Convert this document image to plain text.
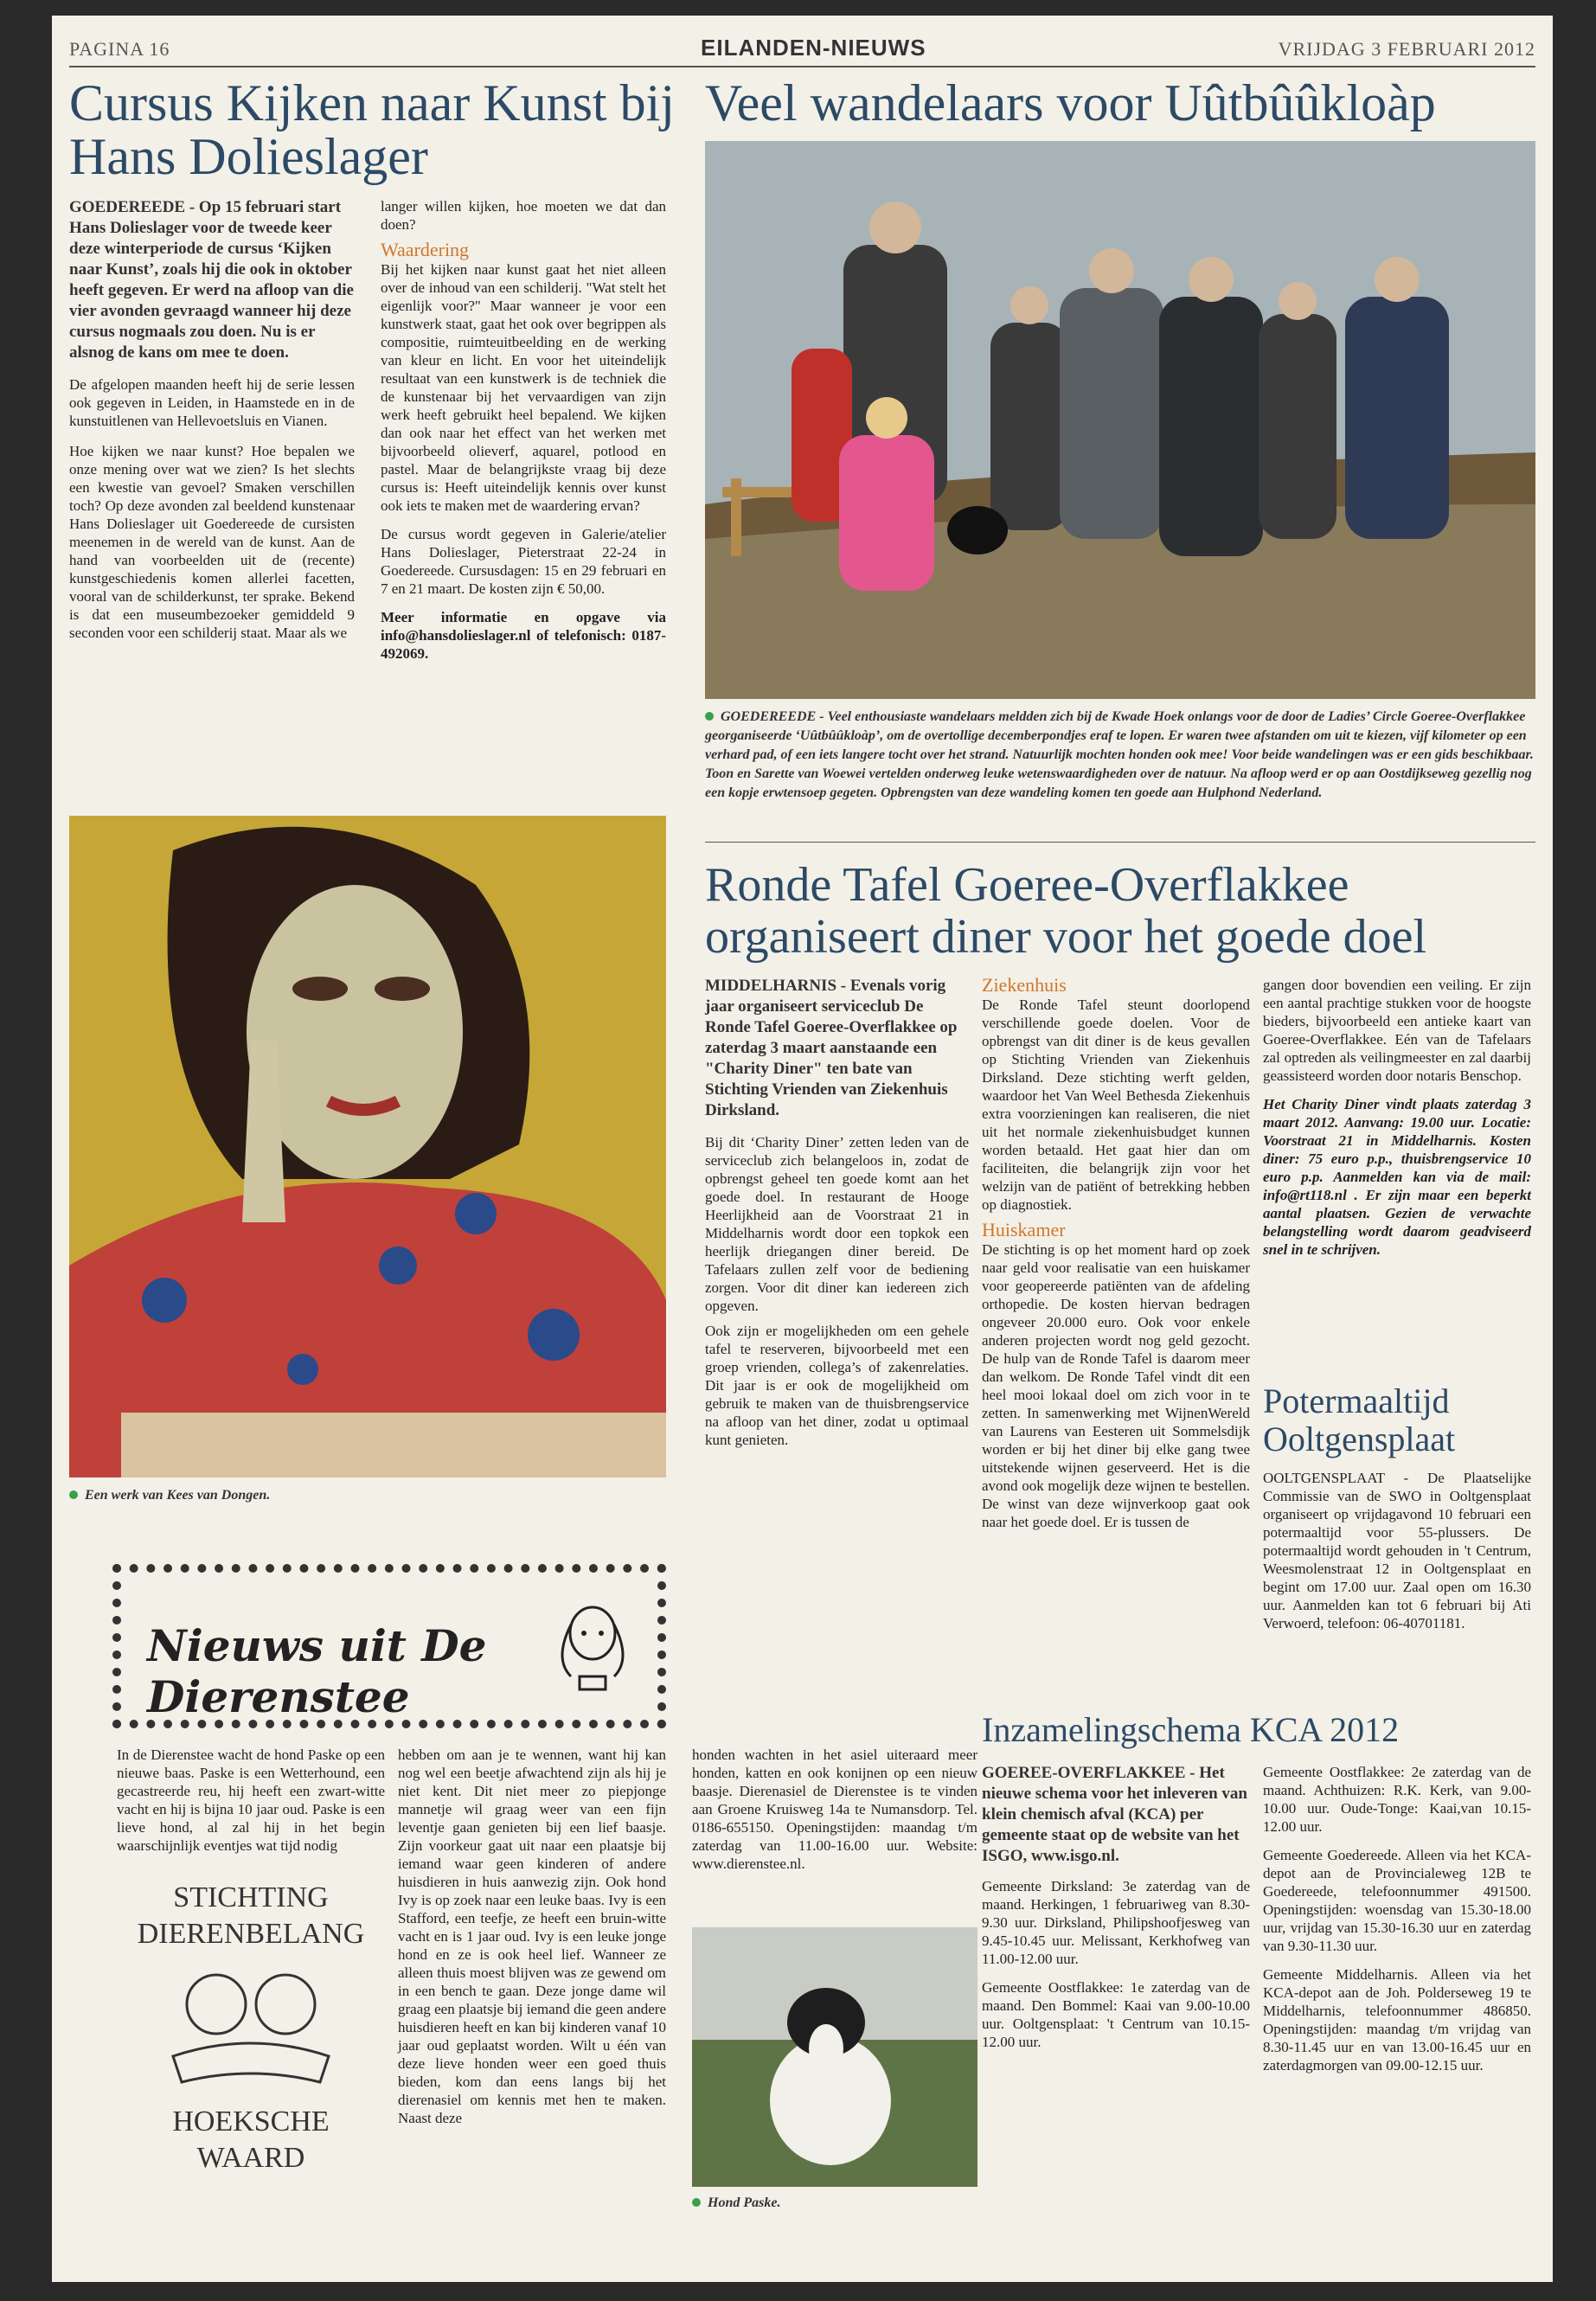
PAGINA 16	EILANDEN-NIEUWS	VRIJDAG 3 FEBRUARI 2012
Cursus Kijken naar Kunst bij Hans Dolieslager

GOEDEREEDE - Op 15 februari start Hans Dolieslager voor de tweede keer deze winterperiode de cursus ‘Kijken naar Kunst’, zoals hij die ook in oktober heeft gegeven. Er werd na afloop van die vier avonden gevraagd wanneer hij deze cursus nogmaals zou doen. Nu is er alsnog de kans om mee te doen.

De afgelopen maanden heeft hij de serie lessen ook gegeven in Leiden, in Haamstede en in de kunstuitlenen van Hellevoetsluis en Vianen.

Hoe kijken we naar kunst? Hoe bepalen we onze mening over wat we zien? Is het slechts een kwestie van gevoel? Smaken verschillen toch? Op deze avonden zal beeldend kunstenaar Hans Dolieslager uit Goedereede de cursisten meenemen in de wereld van de kunst. Aan de hand van voorbeelden uit de (recente) kunstgeschiedenis komen allerlei facetten, vooral van de schilderkunst, ter sprake. Bekend is dat een museumbezoeker gemiddeld 9 seconden voor een schilderij staat. Maar als we

langer willen kijken, hoe moeten we dat dan doen?

Waardering

Bij het kijken naar kunst gaat het niet alleen over de inhoud van een schilderij. "Wat stelt het eigenlijk voor?" Maar wanneer je voor een kunstwerk staat, gaat het ook over begrippen als compositie, ruimteuitbeelding en de werking van kleur en licht. En voor het uiteindelijk resultaat van een kunstwerk is de techniek die de kunstenaar bij het vervaardigen van zijn werk heeft gebruikt heel bepalend. We kijken dan ook naar het effect van het werken met bijvoorbeeld olieverf, aquarel, potlood en pastel. Maar de belangrijkste vraag bij deze cursus is: Heeft uiteindelijk kennis over kunst ook iets te maken met de waardering ervan?

De cursus wordt gegeven in Galerie/atelier Hans Dolieslager, Pieterstraat 22-24 in Goedereede. Cursusdagen: 15 en 29 februari en 7 en 21 maart. De kosten zijn € 50,00.

Meer informatie en opgave via info@hansdolieslager.nl of telefonisch: 0187-492069.

Een werk van Kees van Dongen.
Veel wandelaars voor Uûtbûûkloàp
GOEDEREEDE - Veel enthousiaste wandelaars meldden zich bij de Kwade Hoek onlangs voor de door de Ladies’ Circle Goeree-Overflakkee georganiseerde ‘Uûtbûûkloàp’, om de overtollige decemberpondjes eraf te lopen. Er waren twee afstanden om uit te kiezen, vijf kilometer op een verhard pad, of een iets langere tocht over het strand. Natuurlijk mochten honden ook mee! Voor beide wandelingen was er een gids beschikbaar. Toon en Sarette van Woewei vertelden onderweg leuke wetenswaardigheden over de natuur. Na afloop werd er op aan Oostdijkseweg gezellig nog een kopje erwtensoep gegeten. Opbrengsten van deze wandeling komen ten goede aan Hulphond Nederland.
Ronde Tafel Goeree-Overflakkee organiseert diner voor het goede doel

MIDDELHARNIS - Evenals vorig jaar organiseert serviceclub De Ronde Tafel Goeree-Overflakkee op zaterdag 3 maart aanstaande een "Charity Diner" ten bate van Stichting Vrienden van Ziekenhuis Dirksland.

Bij dit ‘Charity Diner’ zetten leden van de serviceclub zich belangeloos in, zodat de opbrengst geheel ten goede komt aan het goede doel. In restaurant de Hooge Heerlijkheid aan de Voorstraat 21 in Middelharnis wordt door een topkok een heerlijk driegangen diner bereid. De Tafelaars zullen zelf voor de bediening zorgen. Voor dit diner kan iedereen zich opgeven.

Ook zijn er mogelijkheden om een gehele tafel te reserveren, bijvoorbeeld met een groep vrienden, collega’s of zakenrelaties. Dit jaar is er ook de mogelijkheid om gebruik te maken van de thuisbrengservice na afloop van het diner, zodat u optimaal kunt genieten.

Ziekenhuis

De Ronde Tafel steunt doorlopend verschillende goede doelen. Voor de opbrengst van dit diner is de keus gevallen op Stichting Vrienden van Ziekenhuis Dirksland. Deze stichting werft gelden, waardoor het Van Weel Bethesda Ziekenhuis extra voorzieningen kan realiseren, die niet uit het normale ziekenhuisbudget kunnen worden betaald. Het gaat hier dan om faciliteiten, die belangrijk zijn voor het welzijn van de patiënt of betrekking hebben op diagnostiek.

Huiskamer

De stichting is op het moment hard op zoek naar geld voor realisatie van een huiskamer voor geopereerde patiënten van de afdeling orthopedie. De kosten hiervan bedragen ongeveer 20.000 euro. Ook voor enkele anderen projecten wordt nog geld gezocht. De hulp van de Ronde Tafel is daarom meer dan welkom. De Ronde Tafel vindt dit een heel mooi lokaal doel om zich voor in te zetten. In samenwerking met WijnenWereld van Laurens van Eesteren uit Sommelsdijk worden er bij het diner bij elke gang twee uitstekende wijnen geserveerd. Het is die avond ook mogelijk deze wijnen te bestellen. De winst van deze wijnverkoop gaat ook naar het goede doel. Er is tussen de

gangen door bovendien een veiling. Er zijn een aantal prachtige stukken voor de hoogste bieders, bijvoorbeeld een antieke kaart van Goeree-Overflakkee. Eén van de Tafelaars zal optreden als veilingmeester en zal daarbij geassisteerd worden door notaris Benschop.

Het Charity Diner vindt plaats zaterdag 3 maart 2012. Aanvang: 19.00 uur. Locatie: Voorstraat 21 in Middelharnis. Kosten diner: 75 euro p.p., thuisbrengservice 10 euro p.p. Aanmelden kan via de mail: info@rt118.nl . Er zijn maar een beperkt aantal plaatsen. Gezien de verwachte belangstelling wordt daarom geadviseerd snel in te schrijven.

Potermaaltijd Ooltgensplaat
OOLTGENSPLAAT - De Plaatselijke Commissie van de SWO in Ooltgensplaat organiseert op vrijdagavond 10 februari een potermaaltijd voor 55-plussers. De potermaaltijd wordt gehouden in 't Centrum, Weesmolenstraat 12 in Ooltgensplaat en begint om 17.00 uur. Zaal open om 16.30 uur. Aanmelden kan tot 6 februari bij Ati Verwoerd, telefoon: 06-40701181.
Nieuws uit De Dierenstee

In de Dierenstee wacht de hond Paske op een nieuwe baas. Paske is een Wetterhound, een gecastreerde reu, hij heeft een zwart-witte vacht en hij is bijna 10 jaar oud. Paske is een lieve hond, al zal hij in het begin waarschijnlijk eventjes wat tijd nodig

STICHTING DIERENBELANG
HOEKSCHE WAARD

hebben om aan je te wennen, want hij kan nog wel een beetje afwachtend zijn als hij je niet kent. Dit niet meer zo piepjonge mannetje wil graag weer van een fijn leventje gaan genieten bij een lief baasje. Zijn voorkeur gaat uit naar een plaatsje bij iemand waar geen kinderen of andere huisdieren in huis aanwezig zijn. Ook hond Ivy is op zoek naar een leuke baas. Ivy is een Stafford, een teefje, ze heeft een bruin-witte vacht en is 1 jaar oud. Ivy is een leuke jonge hond en ze is ook heel lief. Wanneer ze alleen thuis moest blijven was ze gewend om in een bench te gaan. Deze jonge dame wil graag een plaatsje bij iemand die geen andere huisdieren heeft en kan bij kinderen vanaf 10 jaar oud geplaatst worden. Wilt u één van deze lieve honden weer een goed thuis bieden, kom dan eens langs bij het dierenasiel om kennis met hen te maken. Naast deze

honden wachten in het asiel uiteraard meer honden, katten en ook konijnen op een nieuw baasje. Dierenasiel de Dierenstee is te vinden aan Groene Kruisweg 14a te Numansdorp. Tel. 0186-655150. Openingstijden: maandag t/m zaterdag van 11.00-16.00 uur. Website: www.dierenstee.nl.

Hond Paske.
Inzamelingschema KCA 2012

GOEREE-OVERFLAKKEE - Het nieuwe schema voor het inleveren van klein chemisch afval (KCA) per gemeente staat op de website van het ISGO, www.isgo.nl.

Gemeente Dirksland: 3e zaterdag van de maand. Herkingen, 1 februariweg van 8.30-9.30 uur. Dirksland, Philipshoofjesweg van 9.45-10.45 uur. Melissant, Kerkhofweg van 11.00-12.00 uur.

Gemeente Oostflakkee: 1e zaterdag van de maand. Den Bommel: Kaai van 9.00-10.00 uur. Ooltgensplaat: 't Centrum van 10.15-12.00 uur.

Gemeente Oostflakkee: 2e zaterdag van de maand. Achthuizen: R.K. Kerk, van 9.00-10.00 uur. Oude-Tonge: Kaai,van 10.15-12.00 uur.

Gemeente Goedereede. Alleen via het KCA-depot aan de Provincialeweg 12B te Goedereede, telefoonnummer 491500. Openingstijden: woensdag van 15.30-18.00 uur, vrijdag van 15.30-16.30 uur en zaterdag van 9.30-11.30 uur.

Gemeente Middelharnis. Alleen via het KCA-depot aan de Joh. Polderseweg 19 te Middelharnis, telefoonnummer 486850. Openingstijden: maandag t/m vrijdag van 8.30-11.45 uur en van 13.00-16.45 uur en zaterdagmorgen van 09.00-12.15 uur.
